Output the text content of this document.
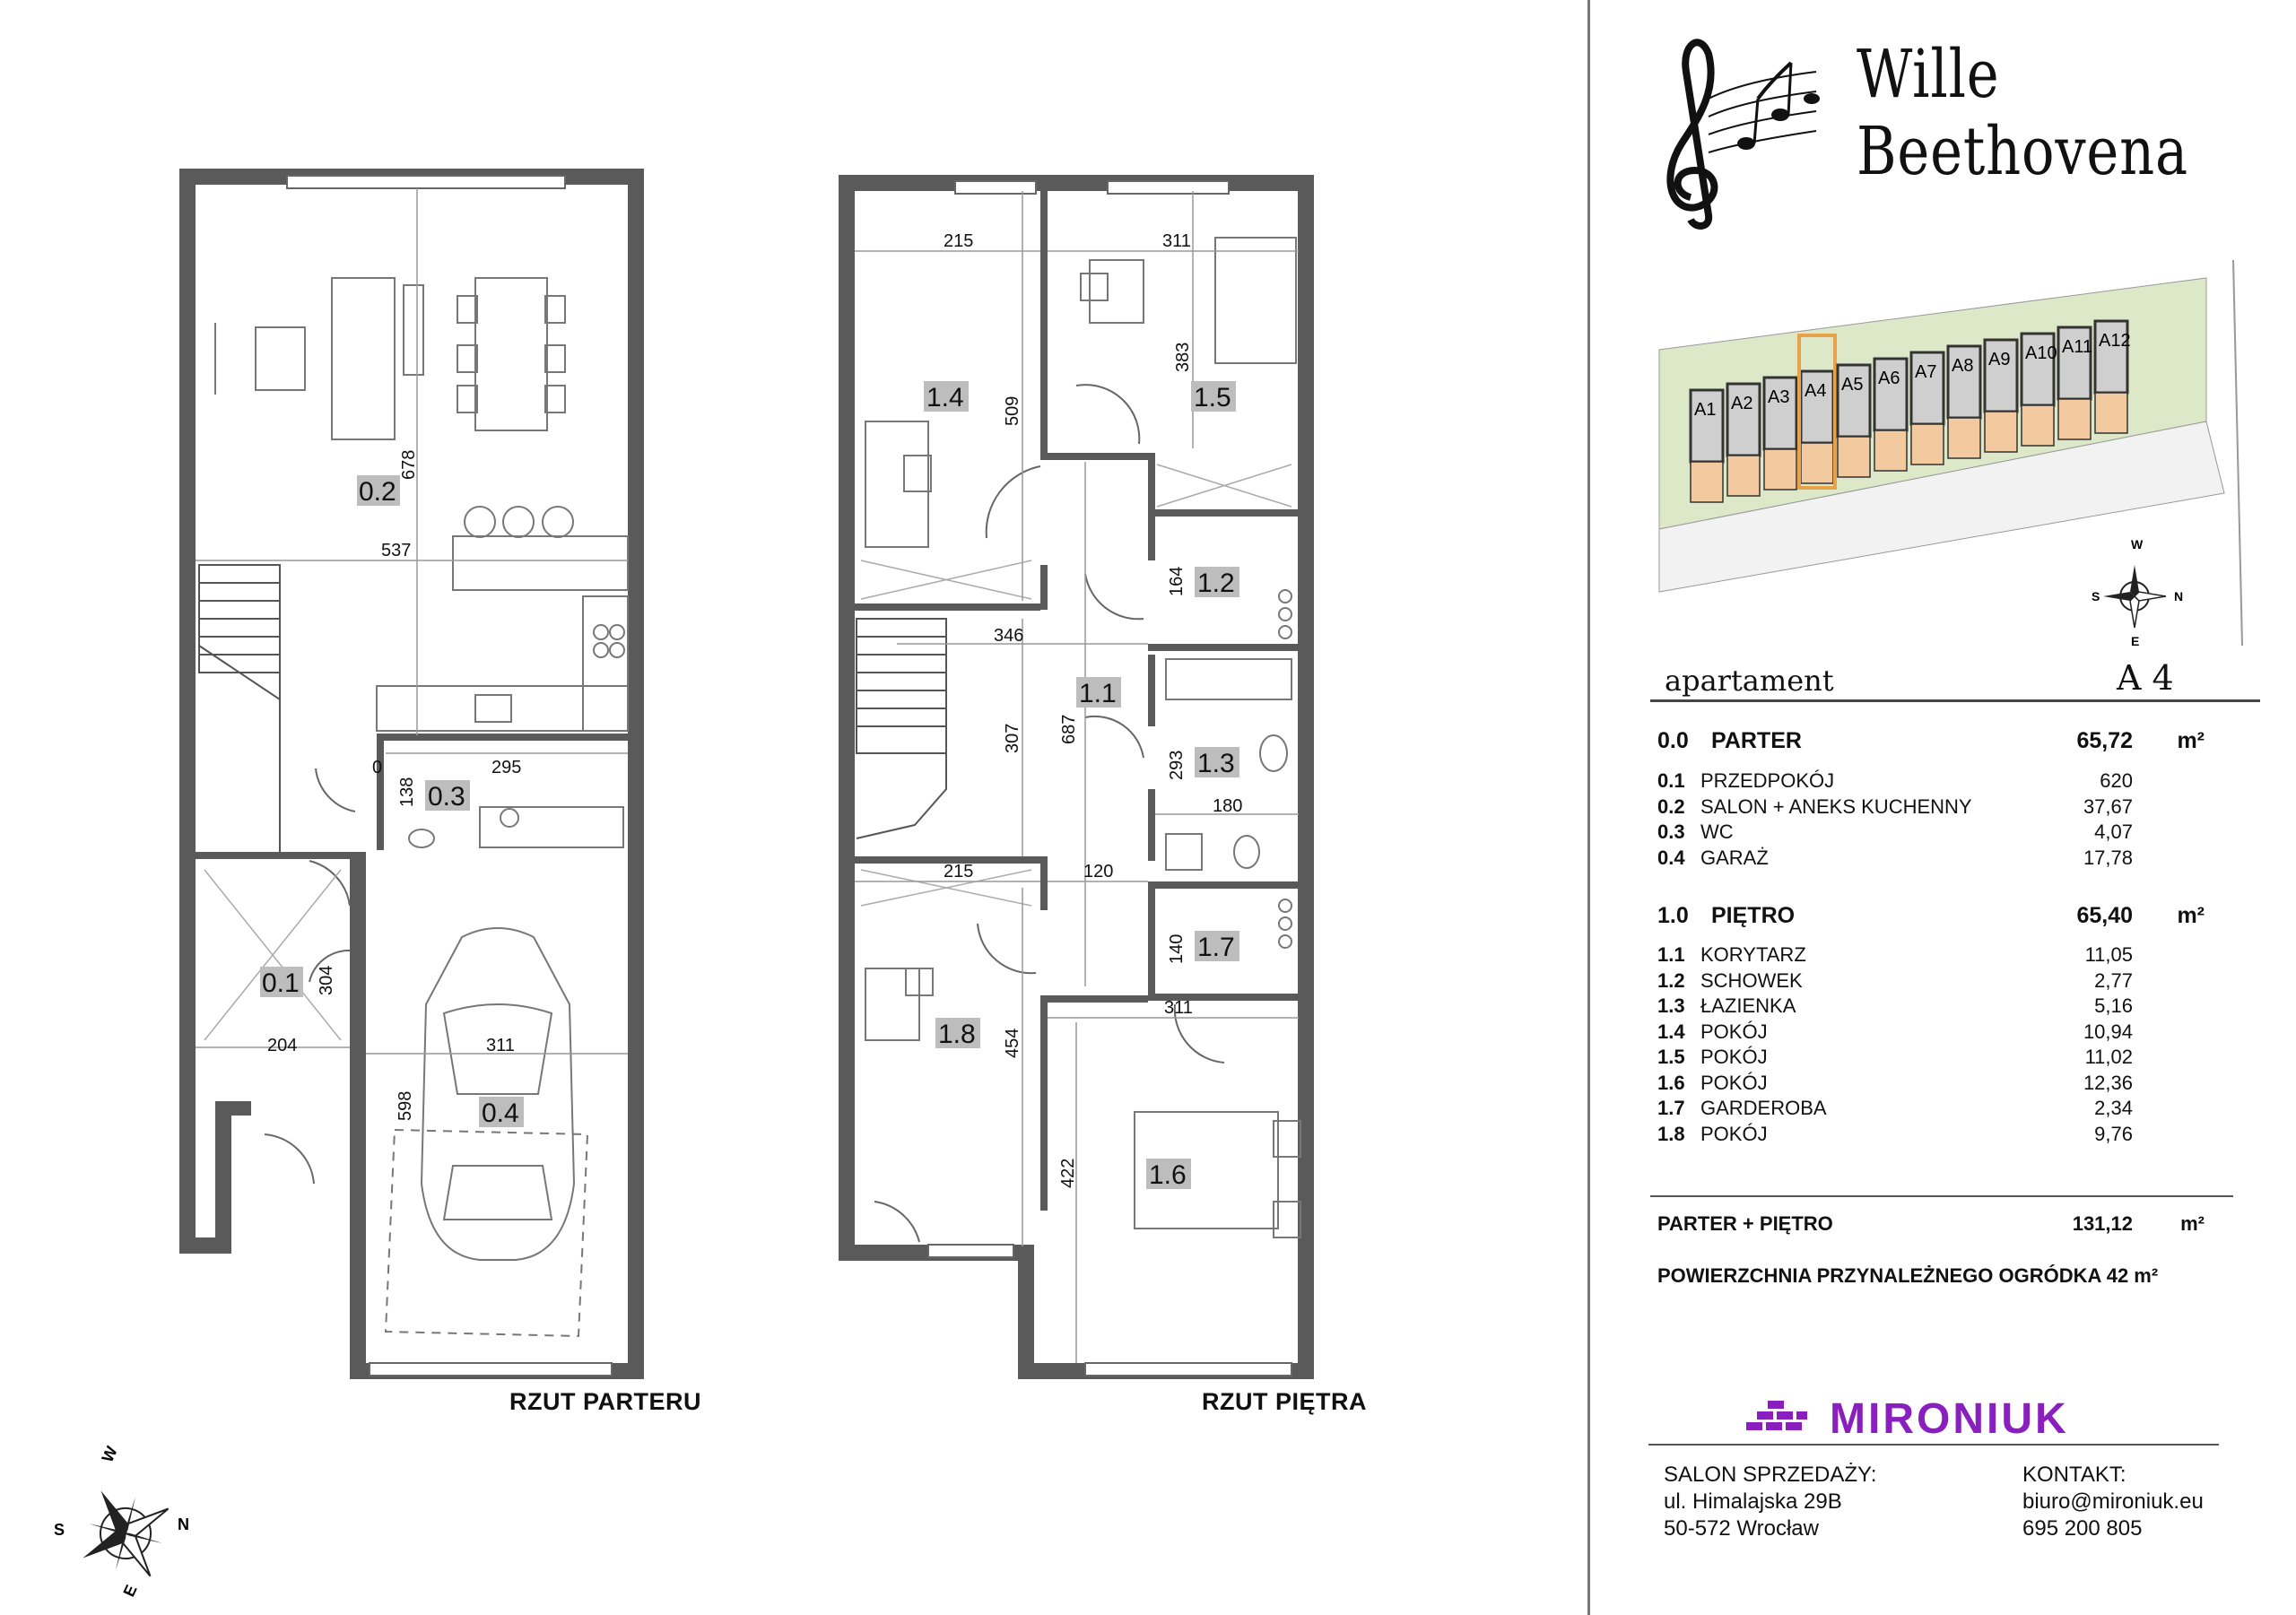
0.2
0.3
0.1
0.4
678
537
295
138
0
304
204	311
598
1.4	1.5
1.2
1.1
1.3
1.7
1.8
1.6
215	311
509
383
164
346
307 687
293
180
215	120
140
454
311
422
W
N
S
E
RZUT PARTERU	RZUT PIĘTRA
Wille Beethovena
A1 A2 A3 A4 A5 A6 A7 A8 A9 A10 A11 A12
W
N
S
E
apartament	A 4
0.0 PARTER	65,72 m²
0.1 PRZEDPOKÓJ	620
0.2 SALON + ANEKS KUCHENNY	37,67
0.3 WC	4,07
0.4 GARAŻ	17,78
1.0 PIĘTRO	65,40 m²
1.1 KORYTARZ	11,05
1.2 SCHOWEK	2,77
1.3 ŁAZIENKA	5,16
1.4 POKÓJ	10,94
1.5 POKÓJ	11,02
1.6 POKÓJ	12,36
1.7 GARDEROBA	2,34
1.8 POKÓJ	9,76
PARTER + PIĘTRO	131,12 m²
POWIERZCHNIA PRZYNALEŻNEGO OGRÓDKA 42 m²
MIRONIUK
SALON SPRZEDAŻY:
ul. Himalajska 29B
50-572 Wrocław
KONTAKT:
biuro@mironiuk.eu
695 200 805
